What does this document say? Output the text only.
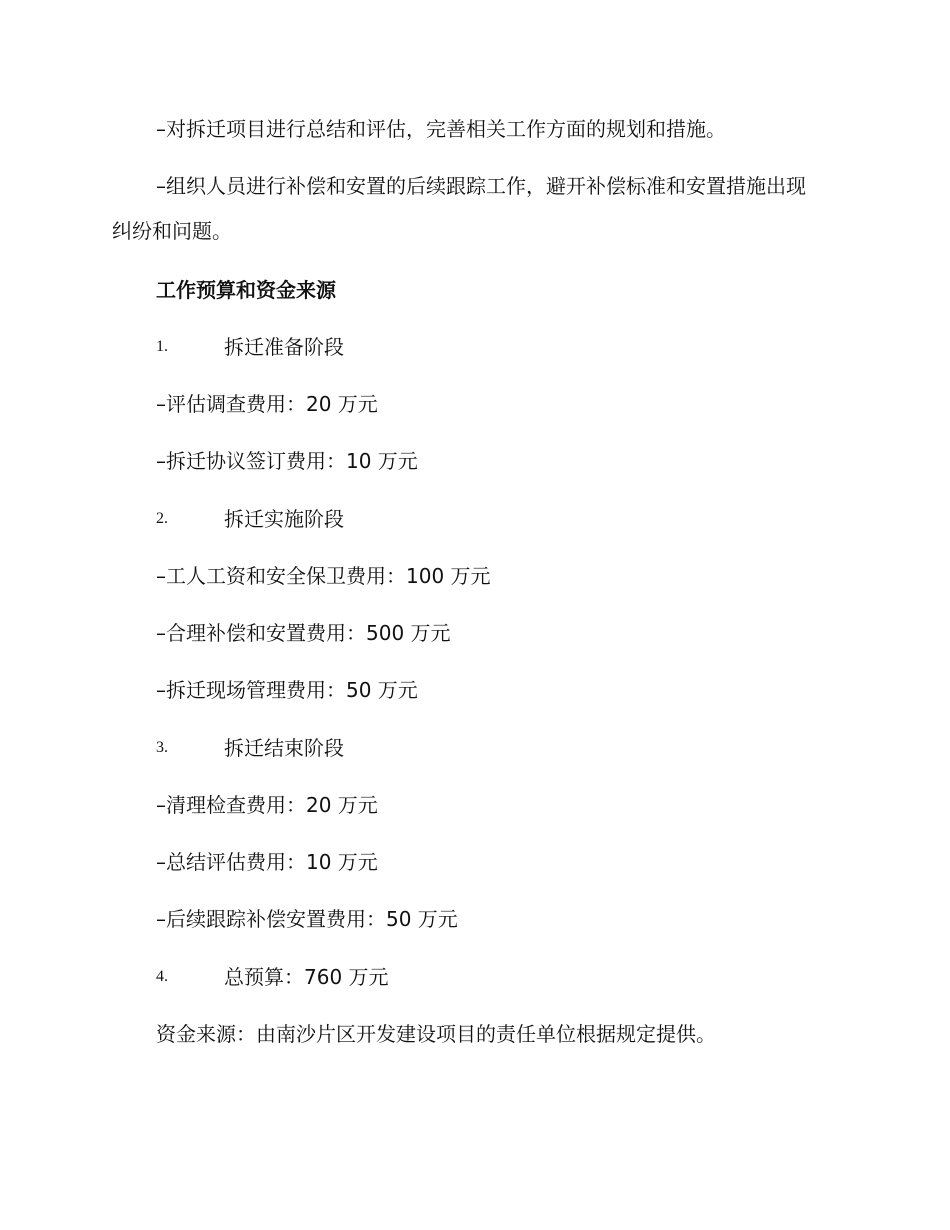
–对拆迁项目进行总结和评估，完善相关工作方面的规划和措施。
–组织人员进行补偿和安置的后续跟踪工作，避开补偿标准和安置措施出现纠纷和问题。
工作预算和资金来源
1.	拆迁准备阶段
–评估调查费用：20 万元
–拆迁协议签订费用：10 万元
2.	拆迁实施阶段
–工人工资和安全保卫费用：100 万元
–合理补偿和安置费用：500 万元
–拆迁现场管理费用：50 万元
3.	拆迁结束阶段
–清理检查费用：20 万元
–总结评估费用：10 万元
–后续跟踪补偿安置费用：50 万元
4.	总预算：760 万元
资金来源：由南沙片区开发建设项目的责任单位根据规定提供。
